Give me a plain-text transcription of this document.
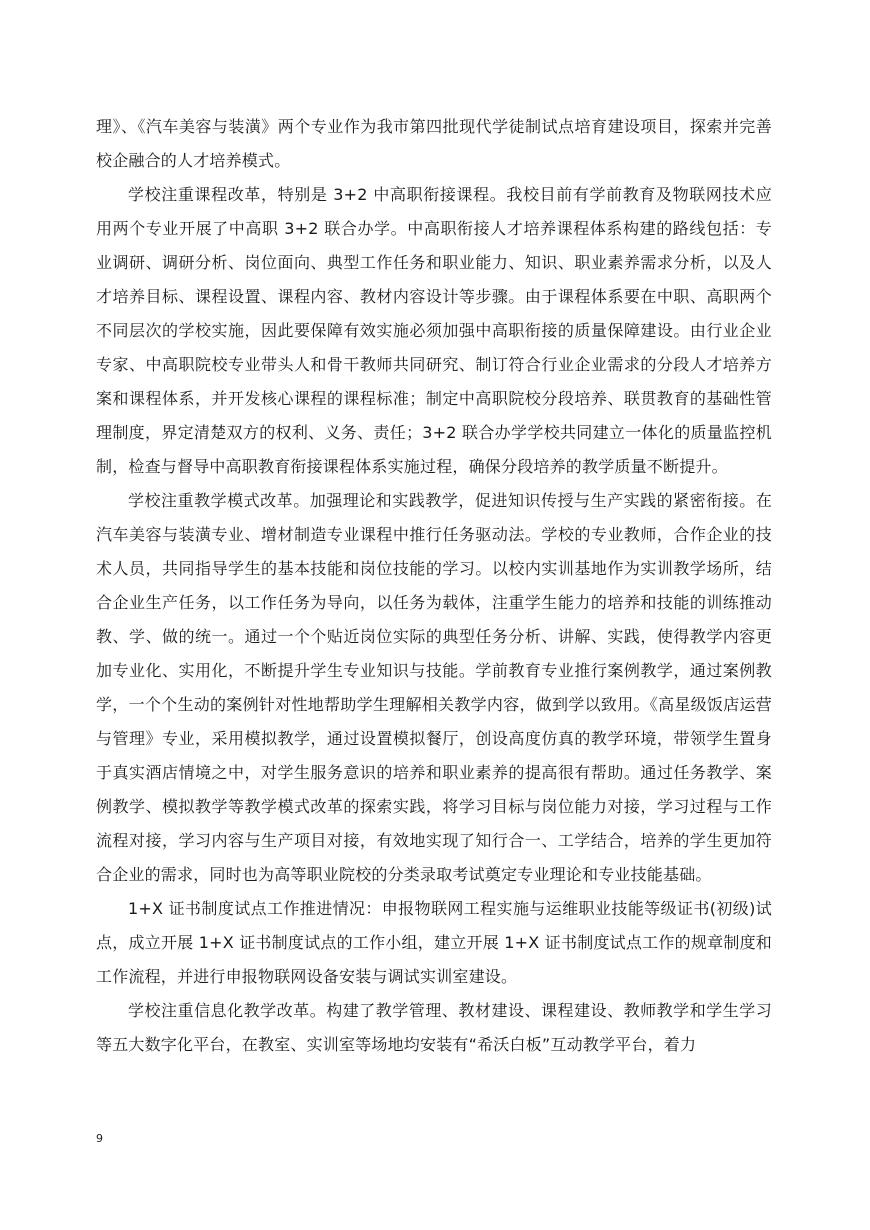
理》、《汽车美容与装潢》两个专业作为我市第四批现代学徒制试点培育建设项目，探索并完善校企融合的人才培养模式。

学校注重课程改革，特别是 3+2 中高职衔接课程。我校目前有学前教育及物联网技术应用两个专业开展了中高职 3+2 联合办学。中高职衔接人才培养课程体系构建的路线包括：专业调研、调研分析、岗位面向、典型工作任务和职业能力、知识、职业素养需求分析，以及人才培养目标、课程设置、课程内容、教材内容设计等步骤。由于课程体系要在中职、高职两个不同层次的学校实施，因此要保障有效实施必须加强中高职衔接的质量保障建设。由行业企业专家、中高职院校专业带头人和骨干教师共同研究、制订符合行业企业需求的分段人才培养方案和课程体系，并开发核心课程的课程标准；制定中高职院校分段培养、联贯教育的基础性管理制度，界定清楚双方的权利、义务、责任；3+2 联合办学学校共同建立一体化的质量监控机制，检查与督导中高职教育衔接课程体系实施过程，确保分段培养的教学质量不断提升。

学校注重教学模式改革。加强理论和实践教学，促进知识传授与生产实践的紧密衔接。在汽车美容与装潢专业、增材制造专业课程中推行任务驱动法。学校的专业教师，合作企业的技术人员，共同指导学生的基本技能和岗位技能的学习。以校内实训基地作为实训教学场所，结合企业生产任务，以工作任务为导向，以任务为载体，注重学生能力的培养和技能的训练推动教、学、做的统一。通过一个个贴近岗位实际的典型任务分析、讲解、实践，使得教学内容更加专业化、实用化，不断提升学生专业知识与技能。学前教育专业推行案例教学，通过案例教学，一个个生动的案例针对性地帮助学生理解相关教学内容，做到学以致用。《高星级饭店运营与管理》专业，采用模拟教学，通过设置模拟餐厅，创设高度仿真的教学环境，带领学生置身于真实酒店情境之中，对学生服务意识的培养和职业素养的提高很有帮助。通过任务教学、案例教学、模拟教学等教学模式改革的探索实践，将学习目标与岗位能力对接，学习过程与工作流程对接，学习内容与生产项目对接，有效地实现了知行合一、工学结合，培养的学生更加符合企业的需求，同时也为高等职业院校的分类录取考试奠定专业理论和专业技能基础。

1+X 证书制度试点工作推进情况：申报物联网工程实施与运维职业技能等级证书(初级)试点，成立开展 1+X 证书制度试点的工作小组，建立开展 1+X 证书制度试点工作的规章制度和工作流程，并进行申报物联网设备安装与调试实训室建设。

学校注重信息化教学改革。构建了教学管理、教材建设、课程建设、教师教学和学生学习等五大数字化平台，在教室、实训室等场地均安装有“希沃白板”互动教学平台，着力

9
